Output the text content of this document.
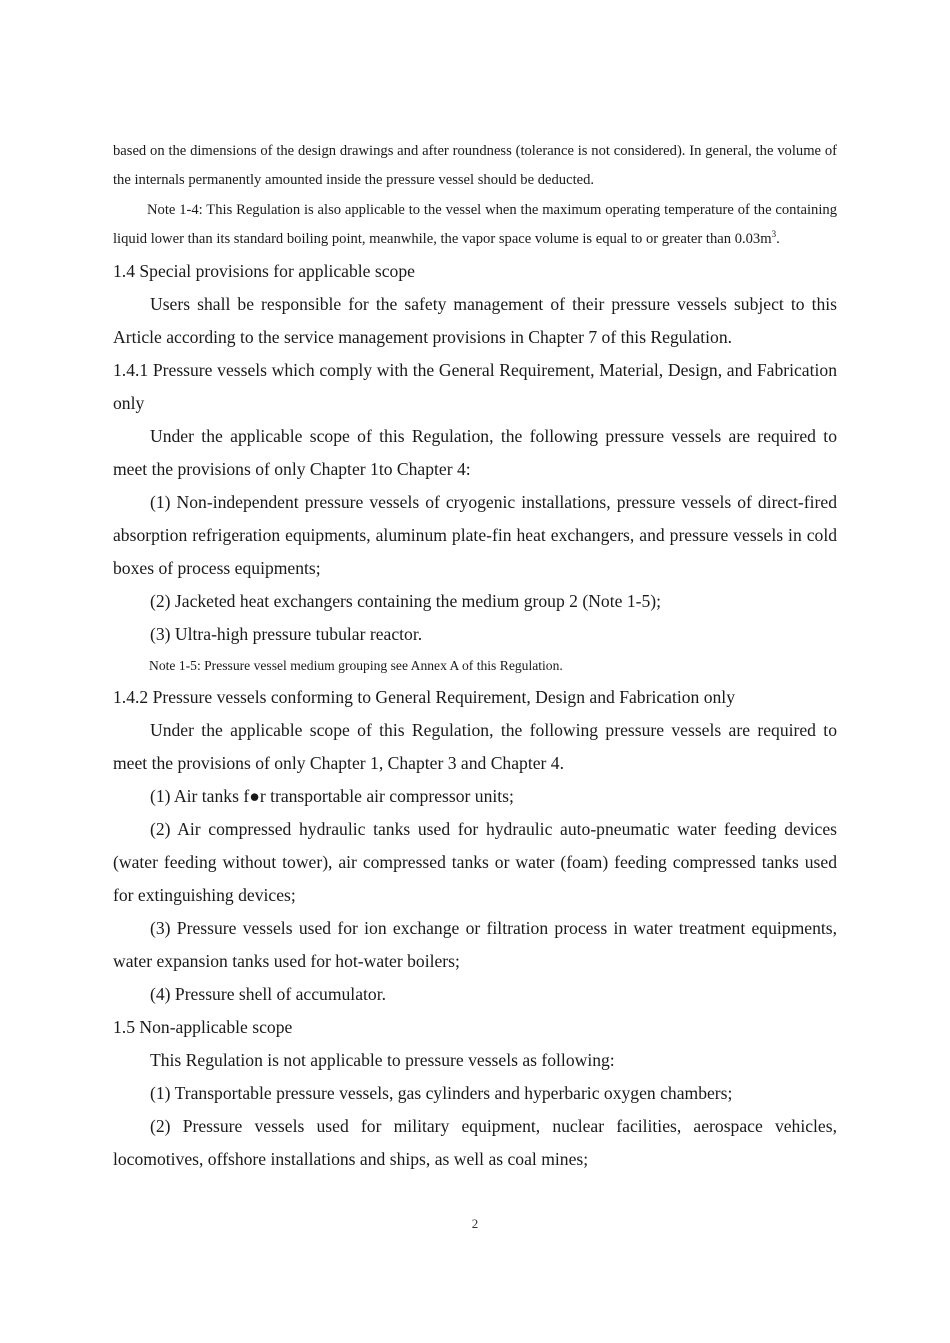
based on the dimensions of the design drawings and after roundness (tolerance is not considered). In general, the volume of the internals permanently amounted inside the pressure vessel should be deducted.

Note 1-4: This Regulation is also applicable to the vessel when the maximum operating temperature of the containing liquid lower than its standard boiling point, meanwhile, the vapor space volume is equal to or greater than $0.03m^3$.

1.4 Special provisions for applicable scope

Users shall be responsible for the safety management of their pressure vessels subject to this Article according to the service management provisions in Chapter 7 of this Regulation.

1.4.1 Pressure vessels which comply with the General Requirement, Material, Design, and Fabrication only

Under the applicable scope of this Regulation, the following pressure vessels are required to meet the provisions of only Chapter 1to Chapter 4:

(1) Non-independent pressure vessels of cryogenic installations, pressure vessels of direct-fired absorption refrigeration equipments, aluminum plate-fin heat exchangers, and pressure vessels in cold boxes of process equipments;

(2) Jacketed heat exchangers containing the medium group 2 (Note 1-5);

(3) Ultra-high pressure tubular reactor.

Note 1-5: Pressure vessel medium grouping see Annex A of this Regulation.

1.4.2 Pressure vessels conforming to General Requirement, Design and Fabrication only

Under the applicable scope of this Regulation, the following pressure vessels are required to meet the provisions of only Chapter 1, Chapter 3 and Chapter 4.

(1) Air tanks f●r transportable air compressor units;

(2) Air compressed hydraulic tanks used for hydraulic auto-pneumatic water feeding devices (water feeding without tower), air compressed tanks or water (foam) feeding compressed tanks used for extinguishing devices;

(3) Pressure vessels used for ion exchange or filtration process in water treatment equipments, water expansion tanks used for hot-water boilers;

(4) Pressure shell of accumulator.

1.5 Non-applicable scope

This Regulation is not applicable to pressure vessels as following:

(1) Transportable pressure vessels, gas cylinders and hyperbaric oxygen chambers;

(2) Pressure vessels used for military equipment, nuclear facilities, aerospace vehicles, locomotives, offshore installations and ships, as well as coal mines;

2
